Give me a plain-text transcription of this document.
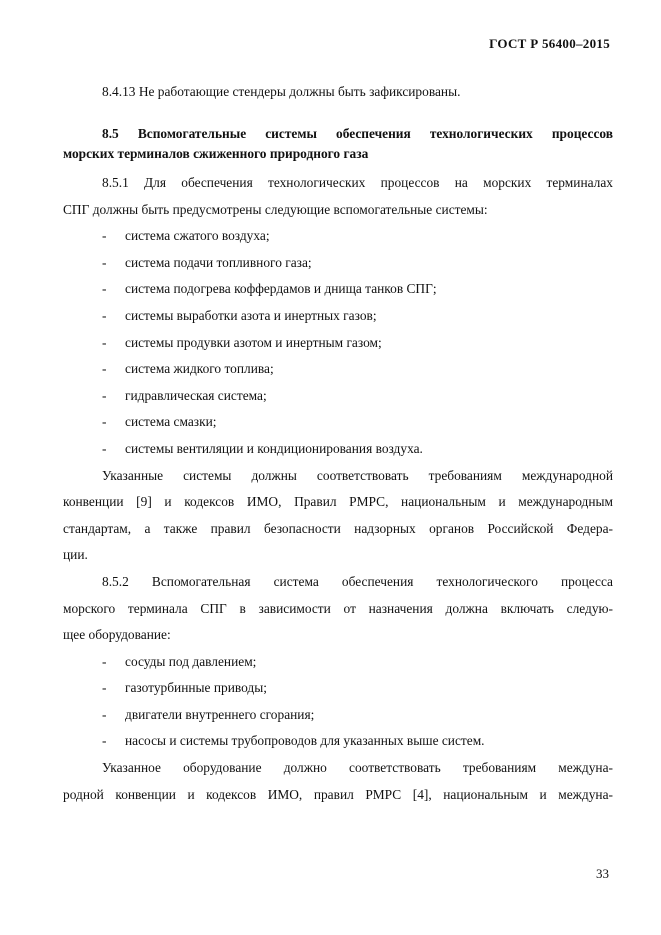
ГОСТ Р 56400–2015

8.4.13 Не работающие стендеры должны быть зафиксированы.

8.5 Вспомогательные системы обеспечения технологических процессов
морских терминалов сжиженного природного газа
8.5.1 Для обеспечения технологических процессов на морских терминалах
СПГ должны быть предусмотрены следующие вспомогательные системы:
- система сжатого воздуха;
- система подачи топливного газа;
- система подогрева коффердамов и днища танков СПГ;
- системы выработки азота и инертных газов;
- системы продувки азотом и инертным газом;
- система жидкого топлива;
- гидравлическая система;
- система смазки;
- системы вентиляции и кондиционирования воздуха.
Указанные системы должны соответствовать требованиям международной
конвенции [9] и кодексов ИМО, Правил РМРС, национальным и международным
стандартам, а также правил безопасности надзорных органов Российской Федера-
ции.
8.5.2 Вспомогательная система обеспечения технологического процесса
морского терминала СПГ в зависимости от назначения должна включать следую-
щее оборудование:
- сосуды под давлением;
- газотурбинные приводы;
- двигатели внутреннего сгорания;
- насосы и системы трубопроводов для указанных выше систем.
Указанное оборудование должно соответствовать требованиям междуна-
родной конвенции и кодексов ИМО, правил РМРС [4], национальным и междуна-
33
